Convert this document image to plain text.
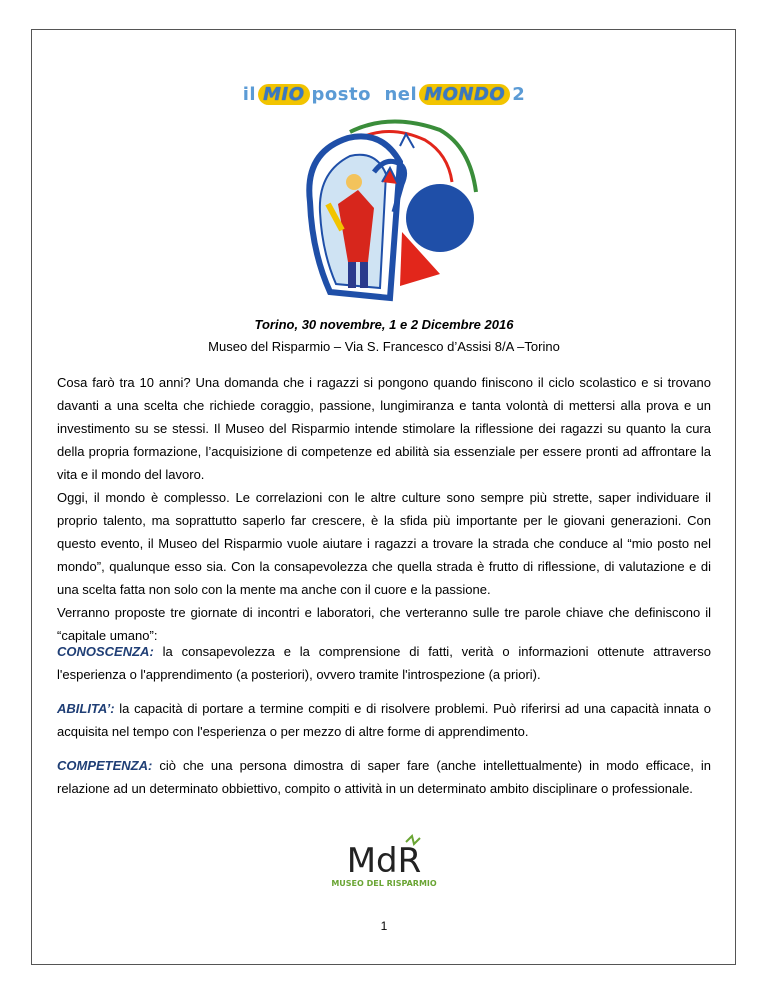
il MIO posto  nel MONDO 2
Torino, 30 novembre, 1 e 2 Dicembre 2016
Museo del Risparmio – Via S. Francesco d’Assisi 8/A –Torino

Cosa farò tra 10 anni? Una domanda che i ragazzi si pongono quando finiscono il ciclo scolastico e si trovano davanti a una scelta che richiede coraggio, passione, lungimiranza e tanta volontà di mettersi alla prova e un investimento su se stessi. Il Museo del Risparmio intende stimolare la riflessione dei ragazzi su quanto la cura della propria formazione, l’acquisizione di competenze ed abilità sia essenziale per essere pronti ad affrontare la vita e il mondo del lavoro.

Oggi, il mondo è complesso. Le correlazioni con le altre culture sono sempre più strette, saper individuare il proprio talento, ma soprattutto saperlo far crescere, è la sfida più importante per le giovani generazioni. Con questo evento, il Museo del Risparmio vuole aiutare i ragazzi a trovare la strada che conduce al “mio posto nel mondo”, qualunque esso sia. Con la consapevolezza che quella strada è frutto di riflessione, di valutazione e di una scelta fatta non solo con la mente ma anche con il cuore e la passione.

Verranno proposte tre giornate di incontri e laboratori, che verteranno sulle tre parole chiave che definiscono il “capitale umano”:

CONOSCENZA: la consapevolezza e la comprensione di fatti, verità o informazioni ottenute attraverso l'esperienza o l'apprendimento (a posteriori), ovvero tramite l'introspezione (a priori).
ABILITA’: la capacità di portare a termine compiti e di risolvere problemi. Può riferirsi ad una capacità innata o acquisita nel tempo con l'esperienza o per mezzo di altre forme di apprendimento.
COMPETENZA: ciò che una persona dimostra di saper fare (anche intellettualmente) in modo efficace, in relazione ad un determinato obbiettivo, compito o attività in un determinato ambito disciplinare o professionale.
MdR
MUSEO DEL RISPARMIO
1
